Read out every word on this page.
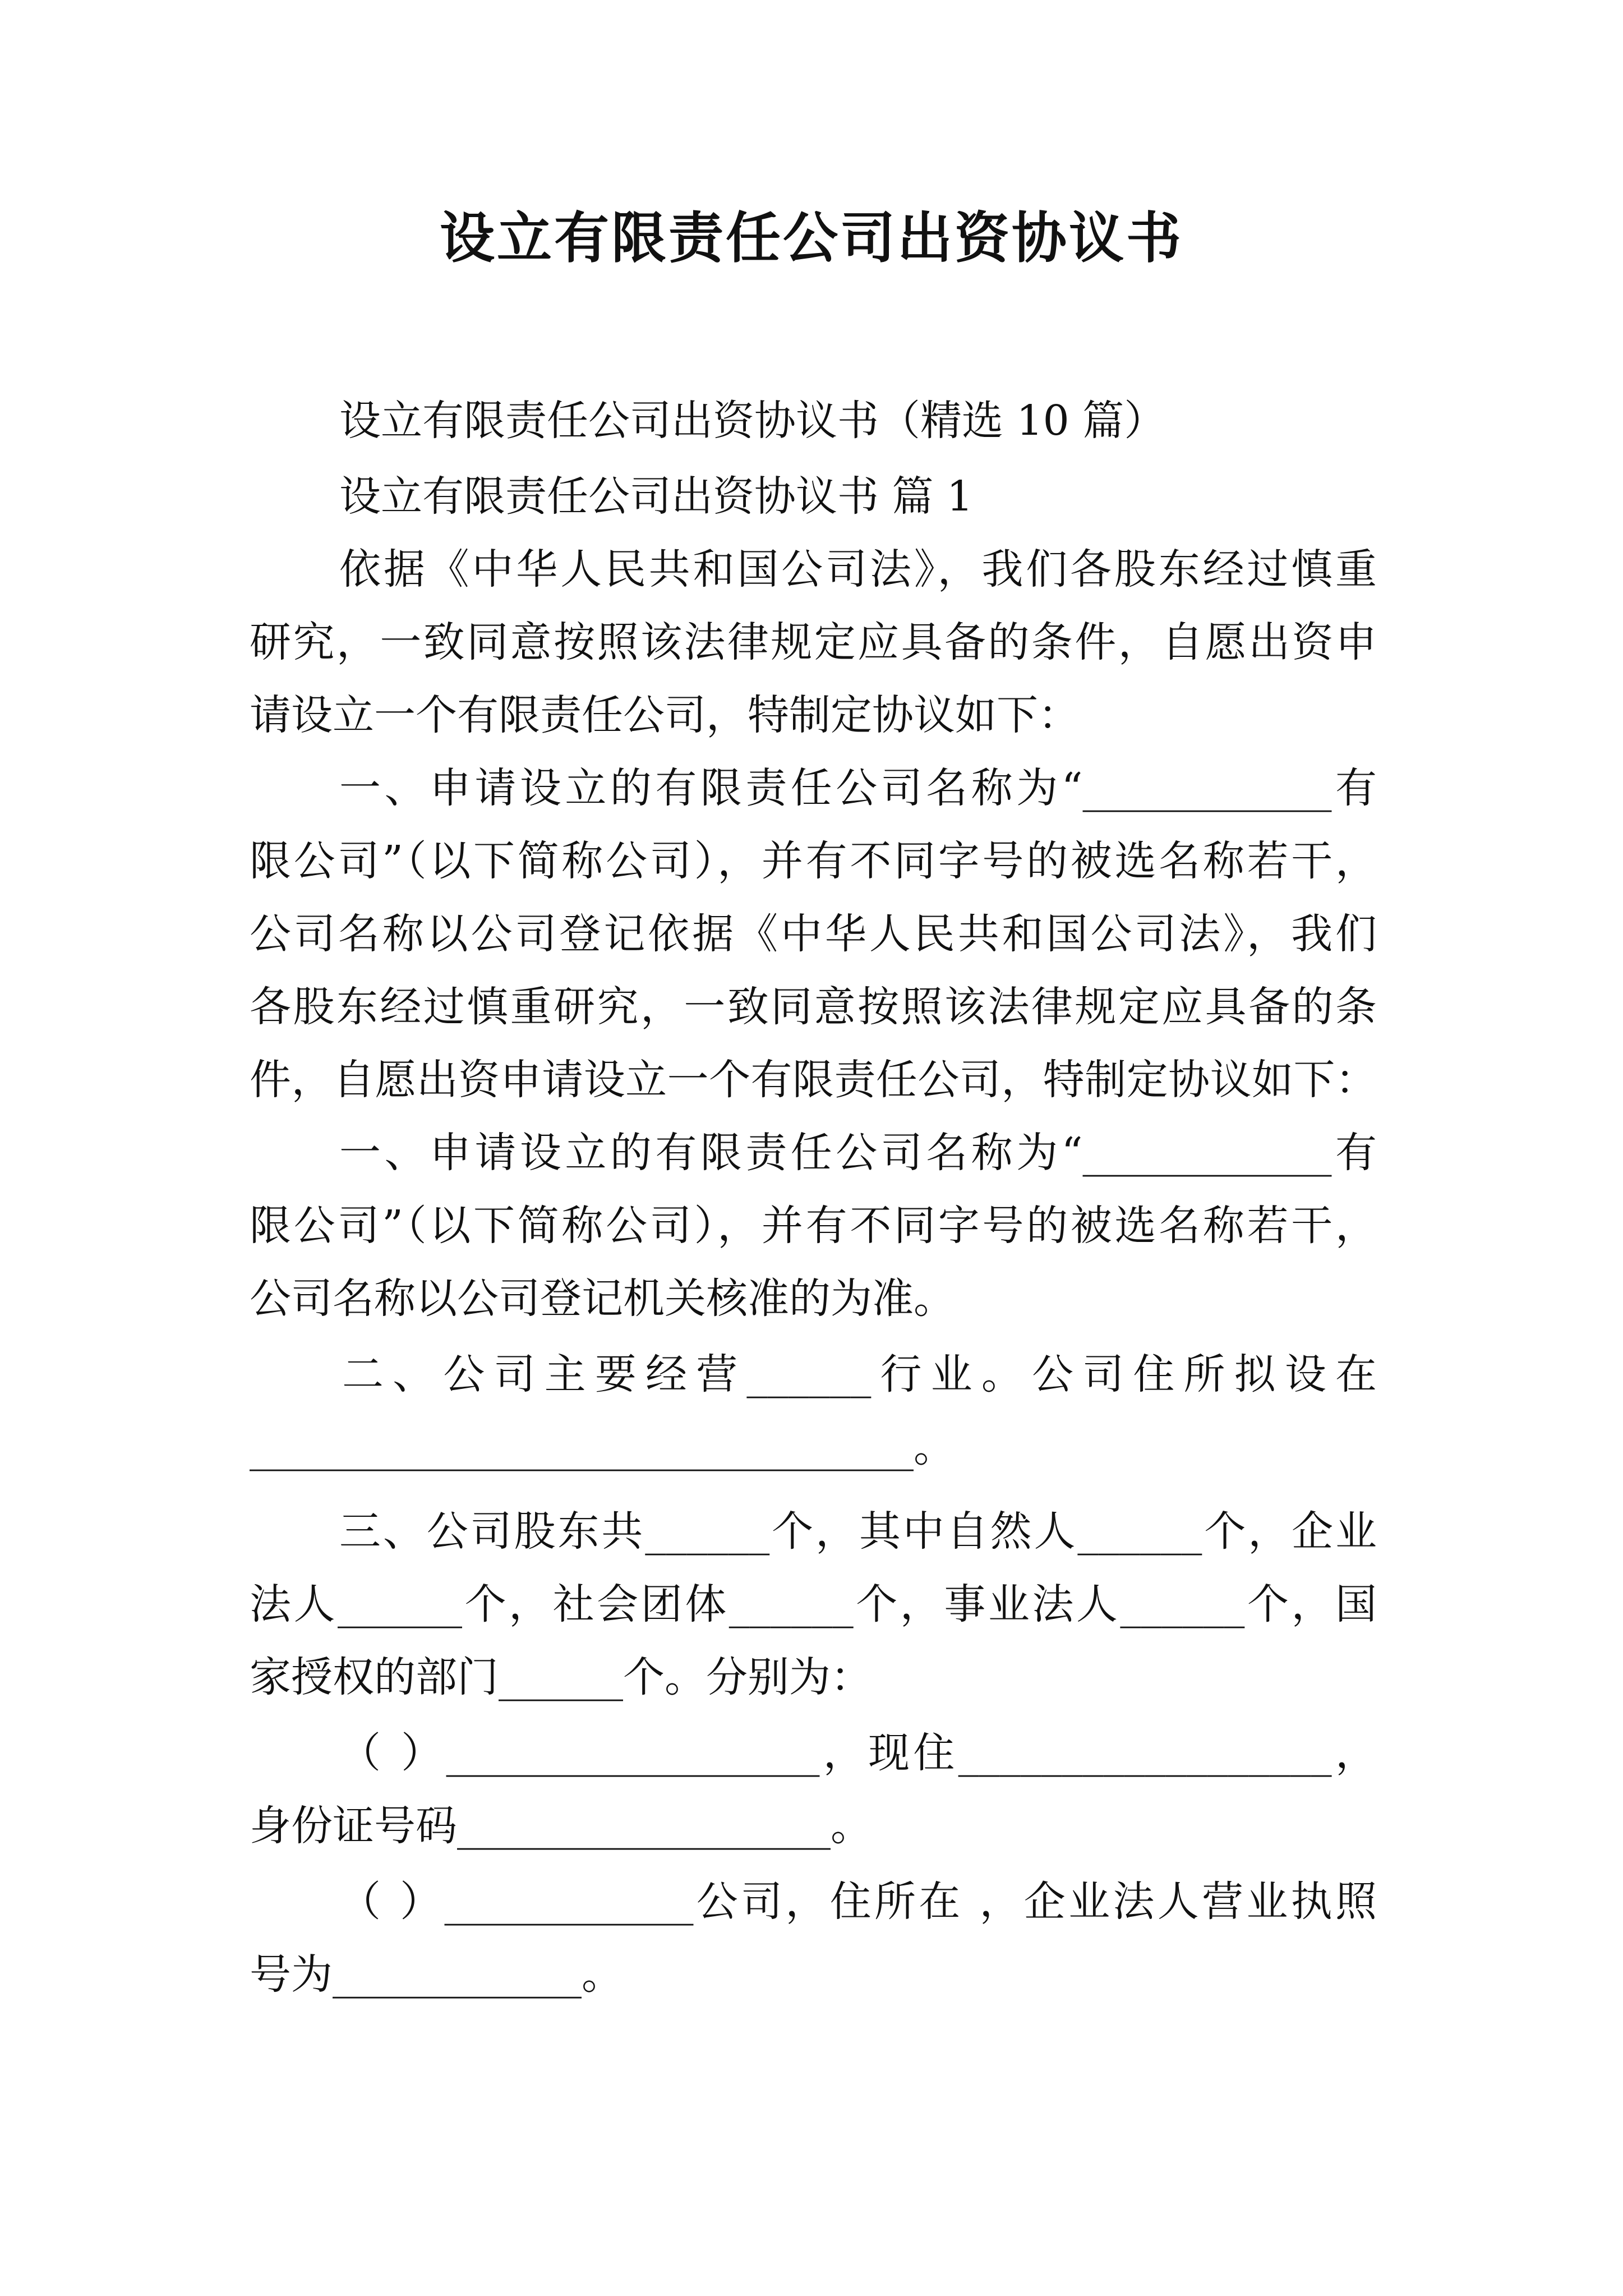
设立有限责任公司出资协议书
设立有限责任公司出资协议书（精选 10 篇）
设立有限责任公司出资协议书 篇 1
依据《中华人民共和国公司法》，我们各股东经过慎重
研究，一致同意按照该法律规定应具备的条件，自愿出资申
请设立一个有限责任公司，特制定协议如下：
一、申请设立的有限责任公司名称为“____________有
限公司”（以下简称公司），并有不同字号的被选名称若干，
公司名称以公司登记依据《中华人民共和国公司法》，我们
各股东经过慎重研究，一致同意按照该法律规定应具备的条
件，自愿出资申请设立一个有限责任公司，特制定协议如下：
一、申请设立的有限责任公司名称为“____________有
限公司”（以下简称公司），并有不同字号的被选名称若干，
公司名称以公司登记机关核准的为准。
二、公司主要经营______行业。公司住所拟设在
________________________________。
三、公司股东共______个，其中自然人______个，企业
法人______个，社会团体______个，事业法人______个，国
家授权的部门______个。分别为：
（ ）__________________，现住__________________，
身份证号码__________________。
（ ）____________公司，住所在 ，企业法人营业执照
号为____________。
